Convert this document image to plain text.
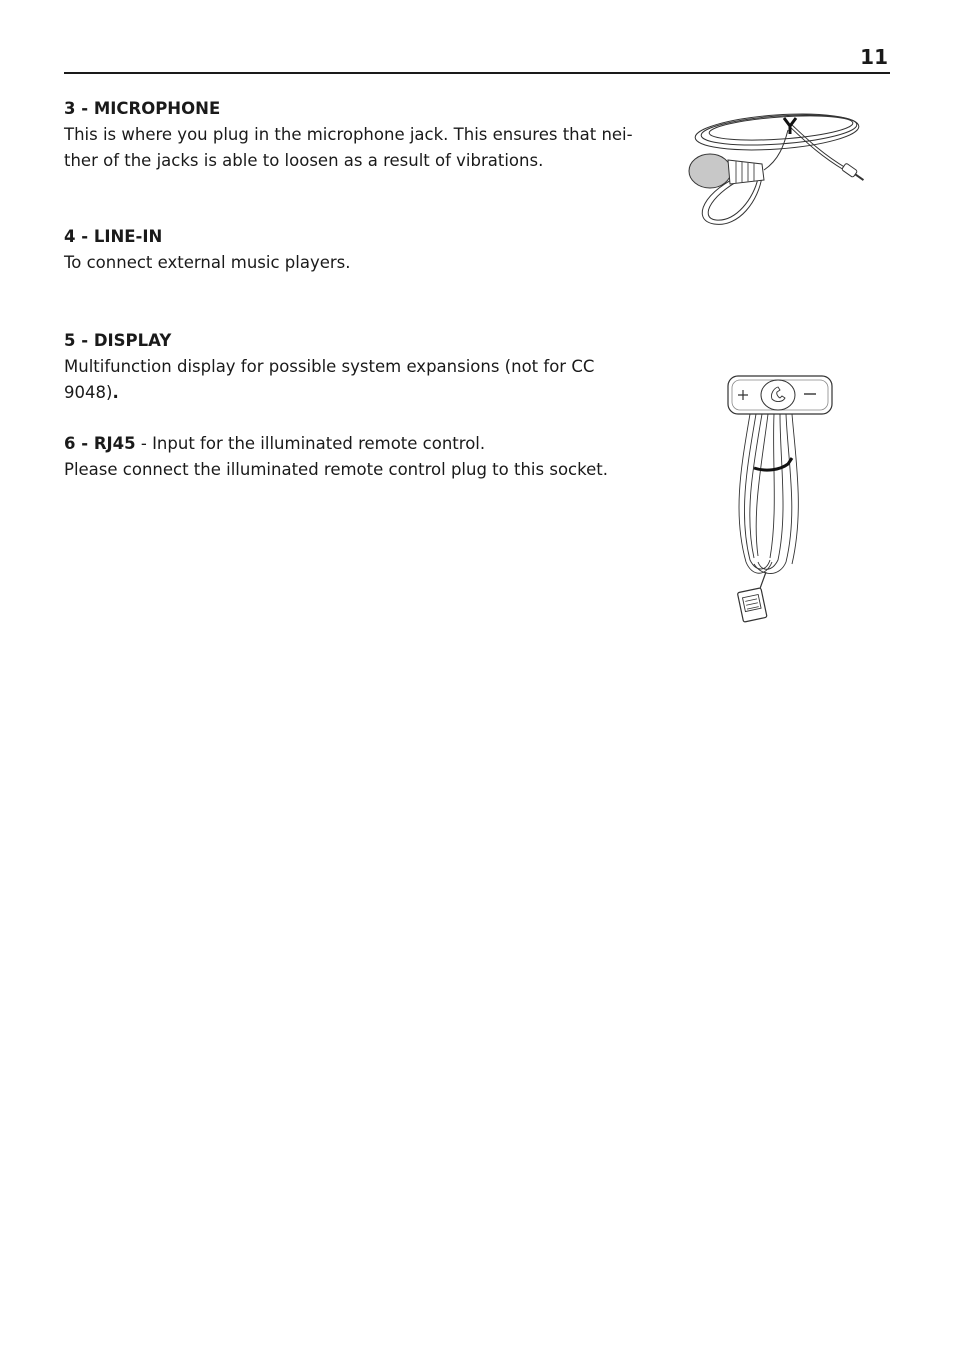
11
3 - MICROPHONE
This is where you plug in the microphone jack. This ensures that nei-
ther of the jacks is able to loosen as a result of vibrations.
4 - LINE-IN
To connect external music players.
5 - DISPLAY
Multifunction display for possible system expansions (not for CC 9048).
6 - RJ45 - Input for the illuminated remote control.
Please connect the illuminated remote control plug to this socket.
